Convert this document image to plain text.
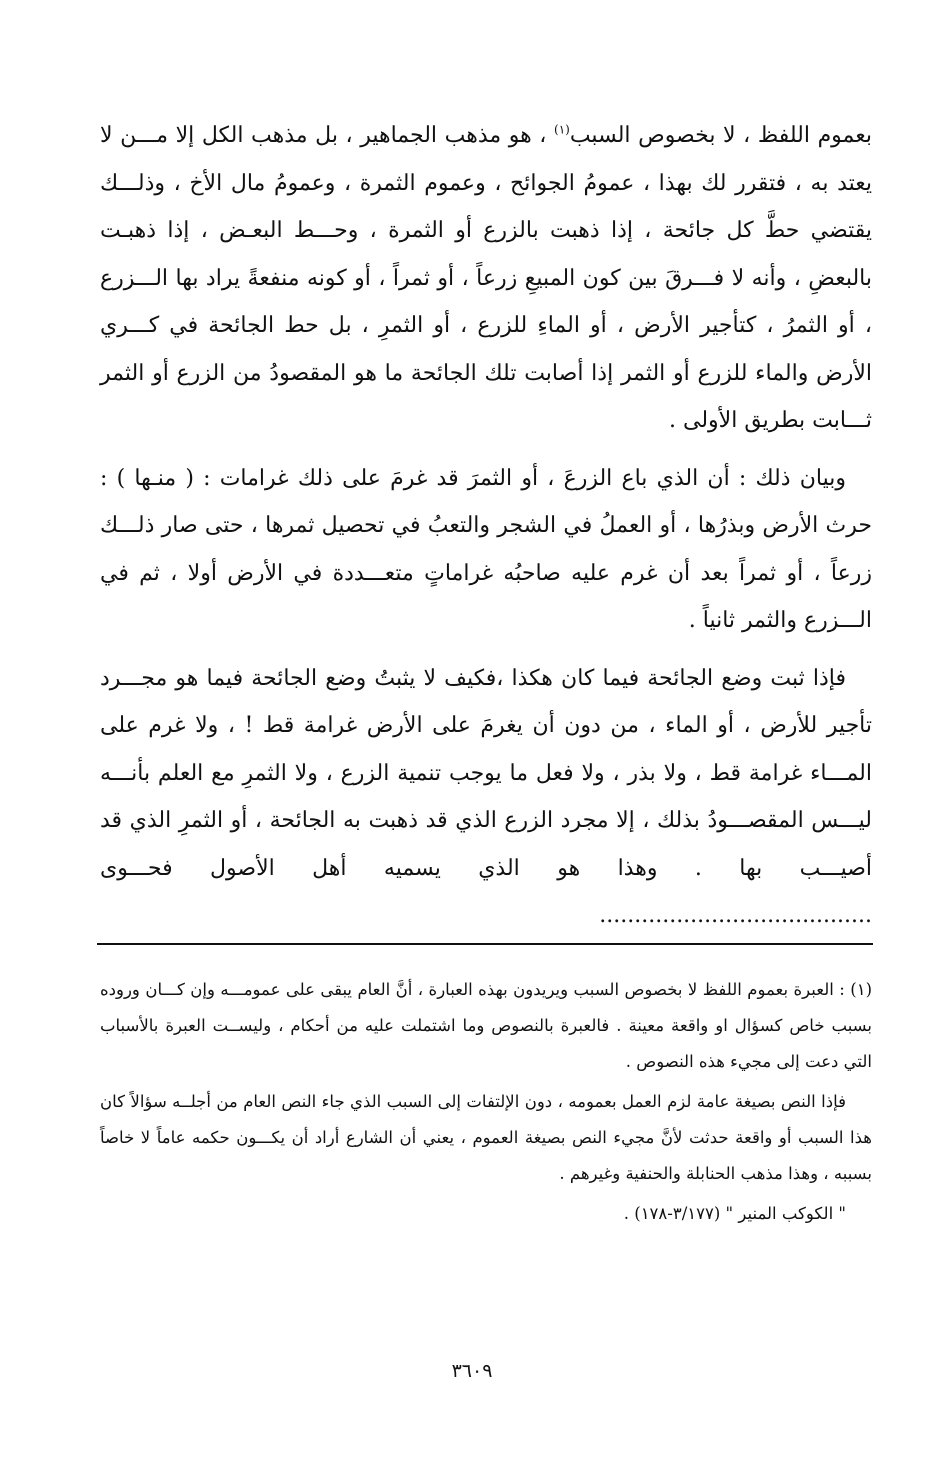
بعموم اللفظ ، لا بخصوص السبب$^{(١)}$ ، هو مذهب الجماهير ، بل مذهب الكل إلا مـــن لا يعتد به ، فتقرر لك بهذا ، عمومُ الجوائح ، وعموم الثمرة ، وعمومُ مال الأخ ، وذلـــك يقتضي حطَّ كل جائحة ، إذا ذهبت بالزرع أو الثمرة ، وحـــط البعـض ، إذا ذهبـت بالبعضِ ، وأنه لا فـــرقَ بين كون المبيعِ زرعاً ، أو ثمراً ، أو كونه منفعةً يراد بها الـــزرع ، أو الثمرُ ، كتأجير الأرض ، أو الماءِ للزرع ، أو الثمرِ ، بل حط الجائحة في كـــري الأرض والماء للزرع أو الثمر إذا أصابت تلك الجائحة ما هو المقصودُ من الزرع أو الثمر ثـــابت بطريق الأولى .

وبيان ذلك : أن الذي باع الزرعَ ، أو الثمرَ قد غرمَ على ذلك غرامات : ( منـها ) : حرث الأرض وبذرُها ، أو العملُ في الشجر والتعبُ في تحصيل ثمرها ، حتى صار ذلـــك زرعاً ، أو ثمراً بعد أن غرم عليه صاحبُه غراماتٍ متعـــددة في الأرض أولا ، ثم في الـــزرع والثمر ثانياً .

فإذا ثبت وضع الجائحة فيما كان هكذا ،فكيف لا يثبتُ وضع الجائحة فيما هو مجـــرد تأجير للأرض ، أو الماء ، من دون أن يغرمَ على الأرض غرامة قط ! ، ولا غرم على المـــاء غرامة قط ، ولا بذر ، ولا فعل ما يوجب تنمية الزرع ، ولا الثمرِ مع العلم بأنـــه ليـــس المقصـــودُ بذلك ، إلا مجرد الزرع الذي قد ذهبت به الجائحة ، أو الثمرِ الذي قد أصيـــب بها . وهذا هو الذي يسميه أهل الأصول فحـــوى .......................................

(١) : العبرة بعموم اللفظ لا بخصوص السبب ويريدون بهذه العبارة ، أنَّ العام يبقى على عمومـــه وإن كـــان وروده بسبب خاص كسؤال او واقعة معينة . فالعبرة بالنصوص وما اشتملت عليه من أحكام ، وليســت العبرة بالأسباب التي دعت إلى مجيء هذه النصوص .

فإذا النص بصيغة عامة لزم العمل بعمومه ، دون الإلتفات إلى السبب الذي جاء النص العام من أجلــه سؤالاً كان هذا السبب أو واقعة حدثت لأنَّ مجيء النص بصيغة العموم ، يعني أن الشارع أراد أن يكـــون حكمه عاماً لا خاصاً بسببه ، وهذا مذهب الحنابلة والحنفية وغيرهم .

" الكوكب المنير " (٣/١٧٧-١٧٨) .

٣٦٠٩
